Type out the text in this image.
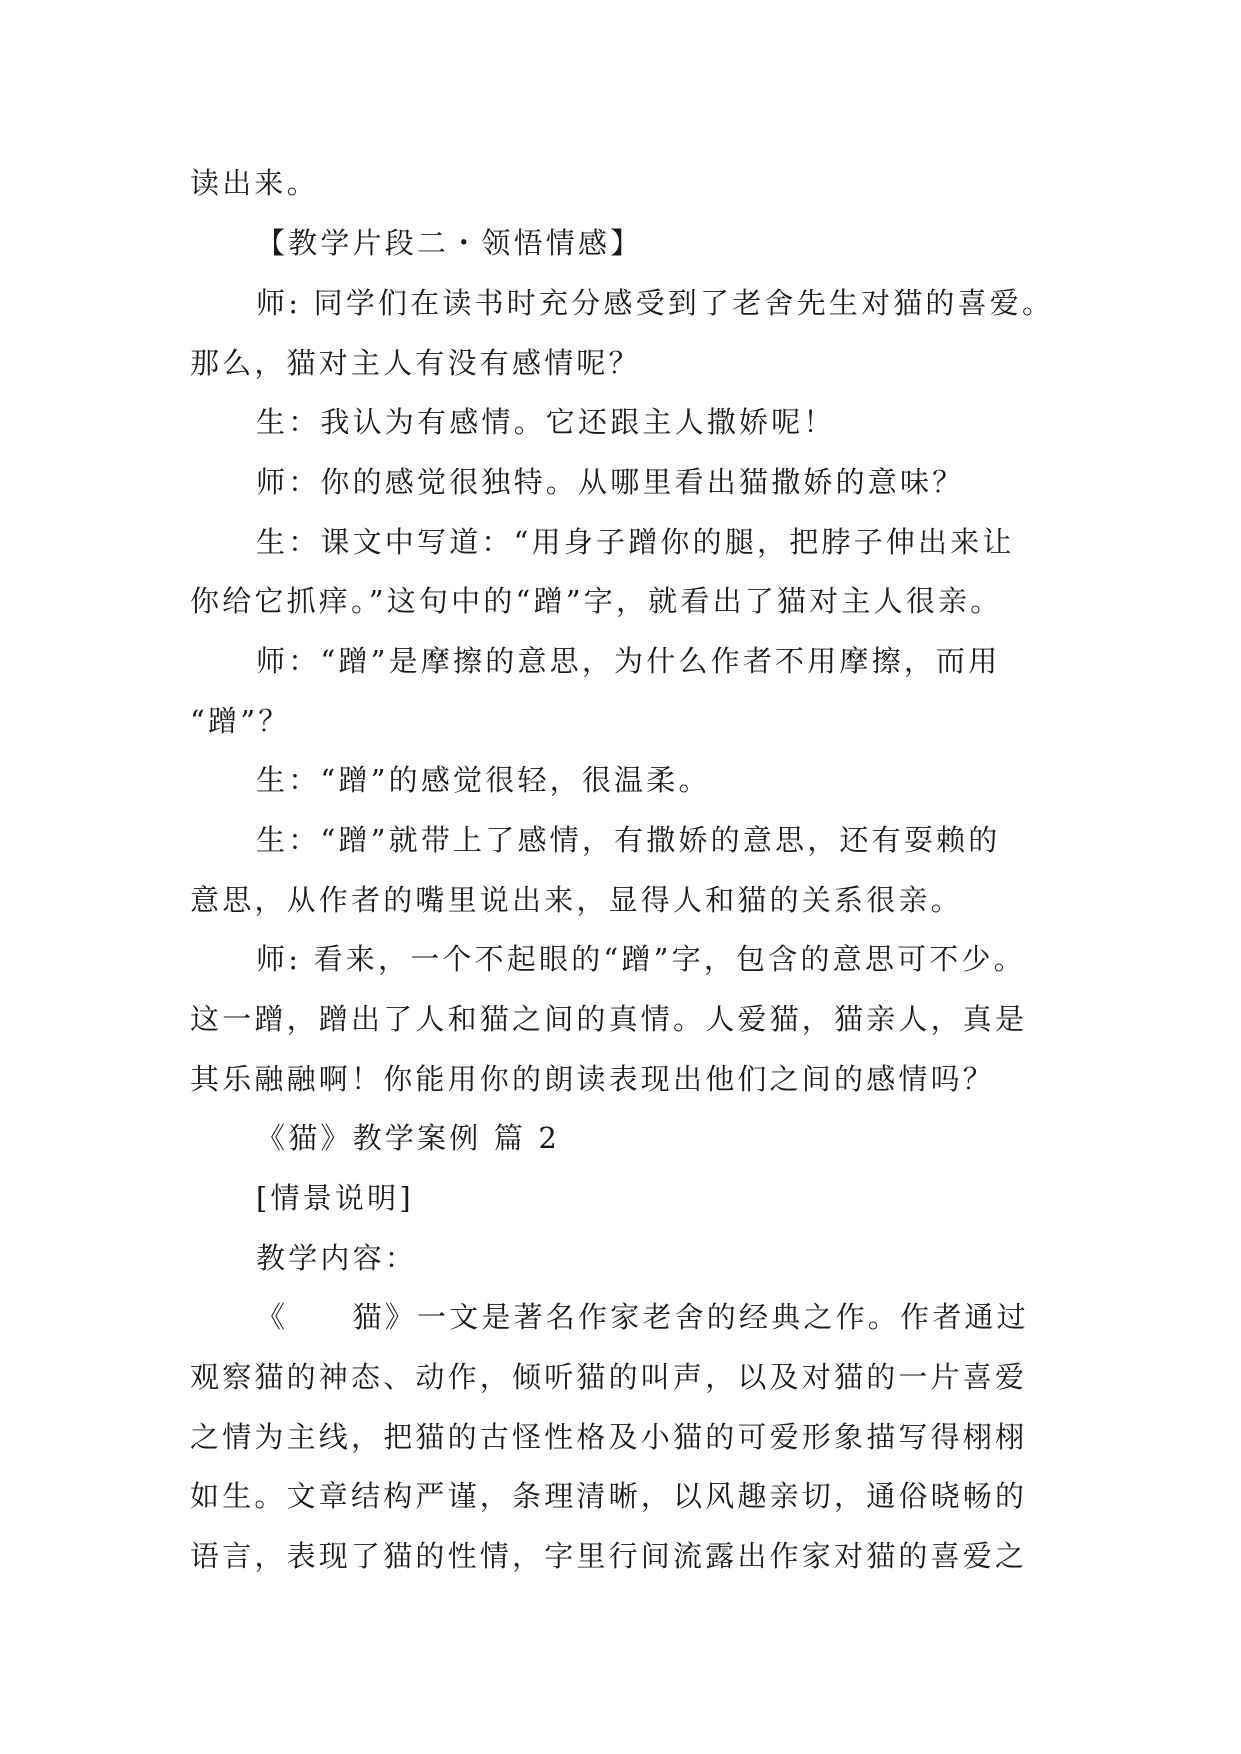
读出来。
【教学片段二・领悟情感】
师: 同学们在读书时充分感受到了老舍先生对猫的喜爱。
那么，猫对主人有没有感情呢？
生：我认为有感情。它还跟主人撒娇呢！
师：你的感觉很独特。从哪里看出猫撒娇的意味？
生：课文中写道：“用身子蹭你的腿，把脖子伸出来让
你给它抓痒。”这句中的“蹭”字，就看出了猫对主人很亲。
师：“蹭”是摩擦的意思，为什么作者不用摩擦，而用
“蹭”？
生：“蹭”的感觉很轻，很温柔。
生：“蹭”就带上了感情，有撒娇的意思，还有耍赖的
意思，从作者的嘴里说出来，显得人和猫的关系很亲。
师: 看来，一个不起眼的“蹭”字，包含的意思可不少。
这一蹭，蹭出了人和猫之间的真情。人爱猫，猫亲人，真是
其乐融融啊！你能用你的朗读表现出他们之间的感情吗？
《猫》教学案例 篇 2
[情景说明]
教学内容：
《　　猫》一文是著名作家老舍的经典之作。作者通过
观察猫的神态、动作，倾听猫的叫声，以及对猫的一片喜爱
之情为主线，把猫的古怪性格及小猫的可爱形象描写得栩栩
如生。文章结构严谨，条理清晰，以风趣亲切，通俗晓畅的
语言，表现了猫的性情，字里行间流露出作家对猫的喜爱之
